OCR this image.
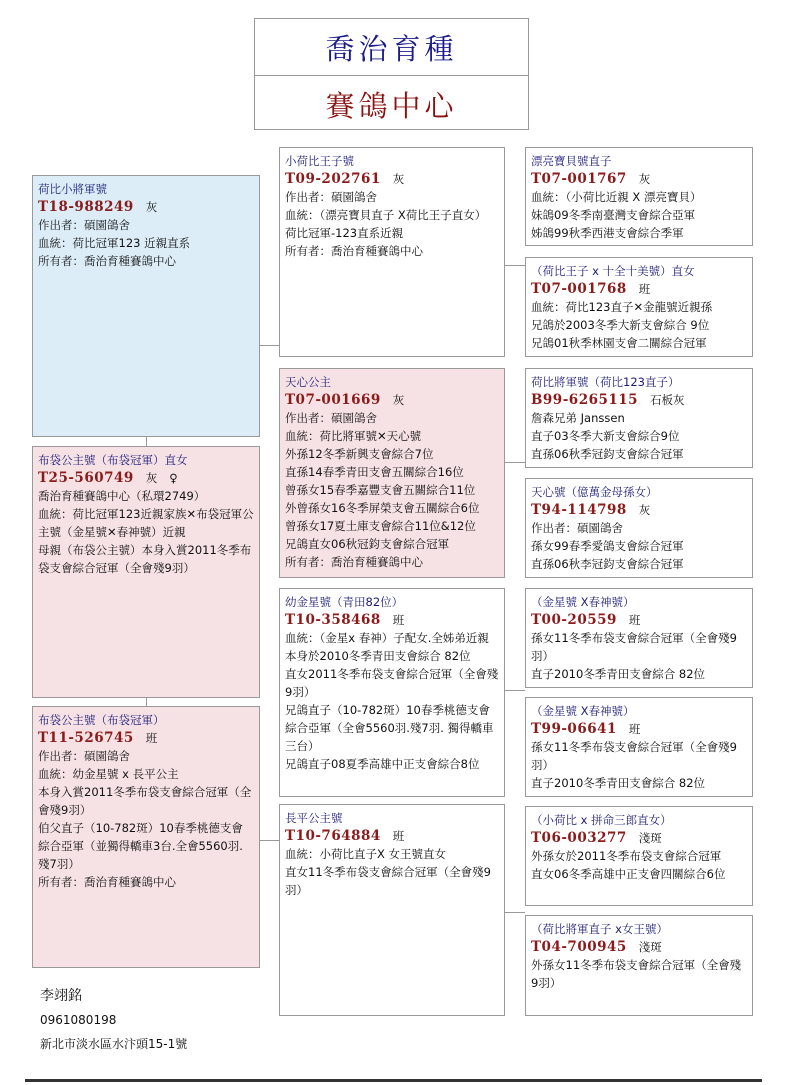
喬治育種
賽鴿中心
荷比小將軍號
T18-988249 灰
作出者：碩園鴿舍
血統：荷比冠軍123 近親直系
所有者：喬治育種賽鴿中心
布袋公主號（布袋冠軍）直女
T25-560749 灰 ♀
喬治育種賽鴿中心（私環2749）
血統：荷比冠軍123近親家族✕布袋冠軍公主號（金星號✕春神號）近親
母親（布袋公主號）本身入賞2011冬季布袋支會綜合冠軍（全會殘9羽）
布袋公主號（布袋冠軍）
T11-526745 班
作出者：碩園鴿舍
血統：幼金星號 x 長平公主
本身入賞2011冬季布袋支會綜合冠軍（全會殘9羽）
伯父直子（10-782斑）10春季桃德支會綜合亞軍（並獨得轎車3台.全會5560羽.殘7羽）
所有者：喬治育種賽鴿中心
小荷比王子號
T09-202761 灰
作出者：碩園鴿舍
血統：（漂亮寶貝直子 X荷比王子直女） 荷比冠軍-123直系近親
所有者：喬治育種賽鴿中心
天心公主
T07-001669 灰
作出者：碩園鴿舍
血統：荷比將軍號✕天心號
外孫12冬季新興支會綜合7位
直孫14春季青田支會五關綜合16位
曾孫女15春季嘉豐支會五關綜合11位
外曾孫女16冬季屏榮支會五關綜合6位
曾孫女17夏土庫支會綜合11位&12位
兄鴿直女06秋冠鈞支會綜合冠軍
所有者：喬治育種賽鴿中心
幼金星號（青田82位）
T10-358468 班
血統：（金星x 春神）子配女.全姊弟近親
本身於2010冬季青田支會綜合 82位
直女2011冬季布袋支會綜合冠軍（全會殘9羽）
兄鴿直子（10-782斑）10春季桃德支會綜合亞軍（全會5560羽.殘7羽. 獨得轎車三台）
兄鴿直子08夏季高雄中正支會綜合8位
長平公主號
T10-764884 班
血統：小荷比直子X 女王號直女
直女11冬季布袋支會綜合冠軍（全會殘9羽）
漂亮寶貝號直子
T07-001767 灰
血統：（小荷比近親 X 漂亮寶貝）
妹鴿09冬季南臺灣支會綜合亞軍
姊鴿99秋季西港支會綜合季軍
（荷比王子 x 十全十美號）直女
T07-001768 班
血統：荷比123直子✕金龍號近親孫
兄鴿於2003冬季大新支會綜合 9位
兄鴿01秋季林園支會二關綜合冠軍
荷比將軍號（荷比123直子）
B99-6265115 石板灰
詹森兄弟 Janssen
直子03冬季大新支會綜合9位
直孫06秋季冠鈞支會綜合冠軍
天心號（億萬金母孫女）
T94-114798 灰
作出者：碩園鴿舍
孫女99春季愛鴿支會綜合冠軍
直孫06秋李冠鈞支會綜合冠軍
（金星號 X春神號）
T00-20559 班
孫女11冬季布袋支會綜合冠軍（全會殘9羽）
直子2010冬季青田支會綜合 82位
（金星號 X春神號）
T99-06641 班
孫女11冬季布袋支會綜合冠軍（全會殘9羽）
直子2010冬季青田支會綜合 82位
（小荷比 x 拼命三郎直女）
T06-003277 淺斑
外孫女於2011冬季布袋支會綜合冠軍
直女06冬季高雄中正支會四關綜合6位
（荷比將軍直子 x女王號）
T04-700945 淺斑
外孫女11冬季布袋支會綜合冠軍（全會殘9羽）
李翊銘
0961080198
新北市淡水區水汴頭15-1號
